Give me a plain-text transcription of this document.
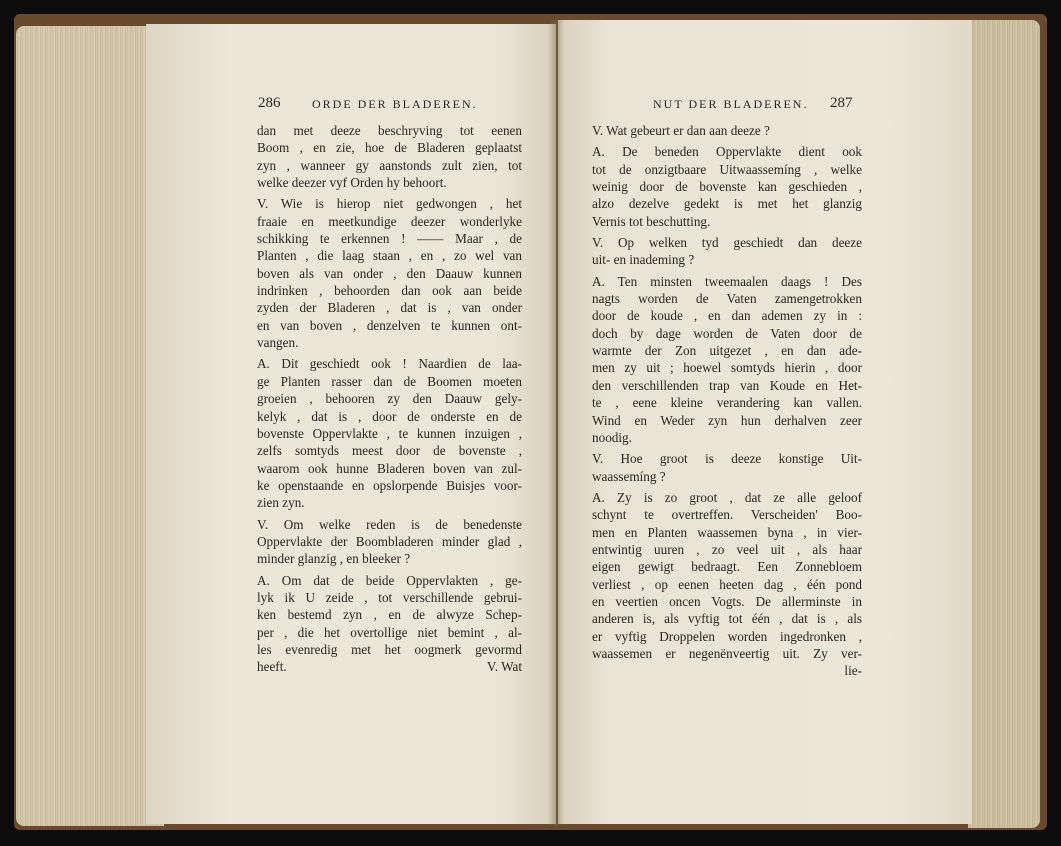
286	ORDE DER BLADEREN.	NUT DER BLADEREN. 287
dan met deeze beschryving tot eenen
Boom , en zie, hoe de Bladeren geplaatst
zyn , wanneer gy aanstonds zult zien, tot
welke deezer vyf Orden hy behoort.
V. Wie is hierop niet gedwongen , het
fraaie en meetkundige deezer wonderlyke
schikking te erkennen ! —— Maar , de
Planten , die laag staan , en , zo wel van
boven als van onder , den Daauw kunnen
indrinken , behoorden dan ook aan beide
zyden der Bladeren , dat is , van onder
en van boven , denzelven te kunnen ont-
vangen.
A. Dit geschiedt ook ! Naardien de laa-
ge Planten rasser dan de Boomen moeten
groeien , behooren zy den Daauw gely-
kelyk , dat is , door de onderste en de
bovenste Oppervlakte , te kunnen inzuigen ,
zelfs somtyds meest door de bovenste ,
waarom ook hunne Bladeren boven van zul-
ke openstaande en opslorpende Buisjes voor-
zien zyn.
V. Om welke reden is de benedenste
Oppervlakte der Boombladeren minder glad ,
minder glanzig , en bleeker ?
A. Om dat de beide Oppervlakten , ge-
lyk ik U zeide , tot verschillende gebrui-
ken bestemd zyn , en de alwyze Schep-
per , die het overtollige niet bemint , al-
les evenredig met het oogmerk gevormd
heeft.	V. Wat
V. Wat gebeurt er dan aan deeze ?
A. De beneden Oppervlakte dient ook
tot de onzigtbaare Uitwaassemíng , welke
weinig door de bovenste kan geschieden ,
alzo dezelve gedekt is met het glanzig
Vernis tot beschutting.
V. Op welken tyd geschiedt dan deeze
uit- en inademing ?
A. Ten minsten tweemaalen daags ! Des
nagts worden de Vaten zamengetrokken
door de koude , en dan ademen zy in :
doch by dage worden de Vaten door de
warmte der Zon uitgezet , en dan ade-
men zy uit ; hoewel somtyds hierin , door
den verschillenden trap van Koude en Het-
te , eene kleine verandering kan vallen.
Wind en Weder zyn hun derhalven zeer
noodig.
V. Hoe groot is deeze konstige Uit-
waassemíng ?
A. Zy is zo groot , dat ze alle geloof
schynt te overtreffen. Verscheiden' Boo-
men en Planten waassemen byna , in vier-
entwintig uuren , zo veel uit , als haar
eigen gewigt bedraagt. Een Zonnebloem
verliest , op eenen heeten dag , één pond
en veertien oncen Vogts. De allerminste in
anderen is, als vyftig tot één , dat is , als
er vyftig Droppelen worden ingedronken ,
waassemen er negenënveertig uit. Zy ver-
lie-
